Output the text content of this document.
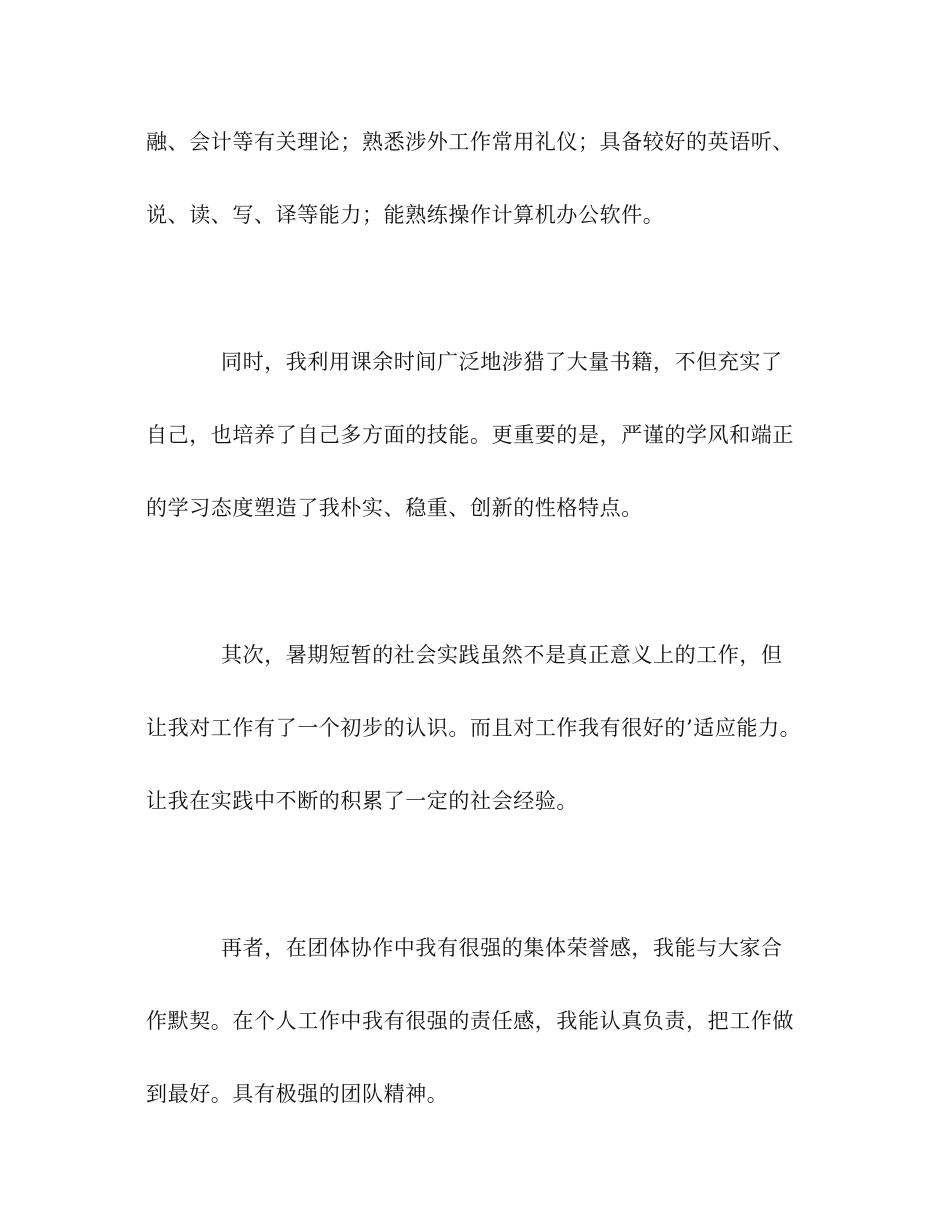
融、会计等有关理论；熟悉涉外工作常用礼仪；具备较好的英语听、
说、读、写、译等能力；能熟练操作计算机办公软件。
同时，我利用课余时间广泛地涉猎了大量书籍，不但充实了
自己，也培养了自己多方面的技能。更重要的是，严谨的学风和端正
的学习态度塑造了我朴实、稳重、创新的性格特点。
其次，暑期短暂的社会实践虽然不是真正意义上的工作，但
让我对工作有了一个初步的认识。而且对工作我有很好的’适应能力。
让我在实践中不断的积累了一定的社会经验。
再者，在团体协作中我有很强的集体荣誉感，我能与大家合
作默契。在个人工作中我有很强的责任感，我能认真负责，把工作做
到最好。具有极强的团队精神。
